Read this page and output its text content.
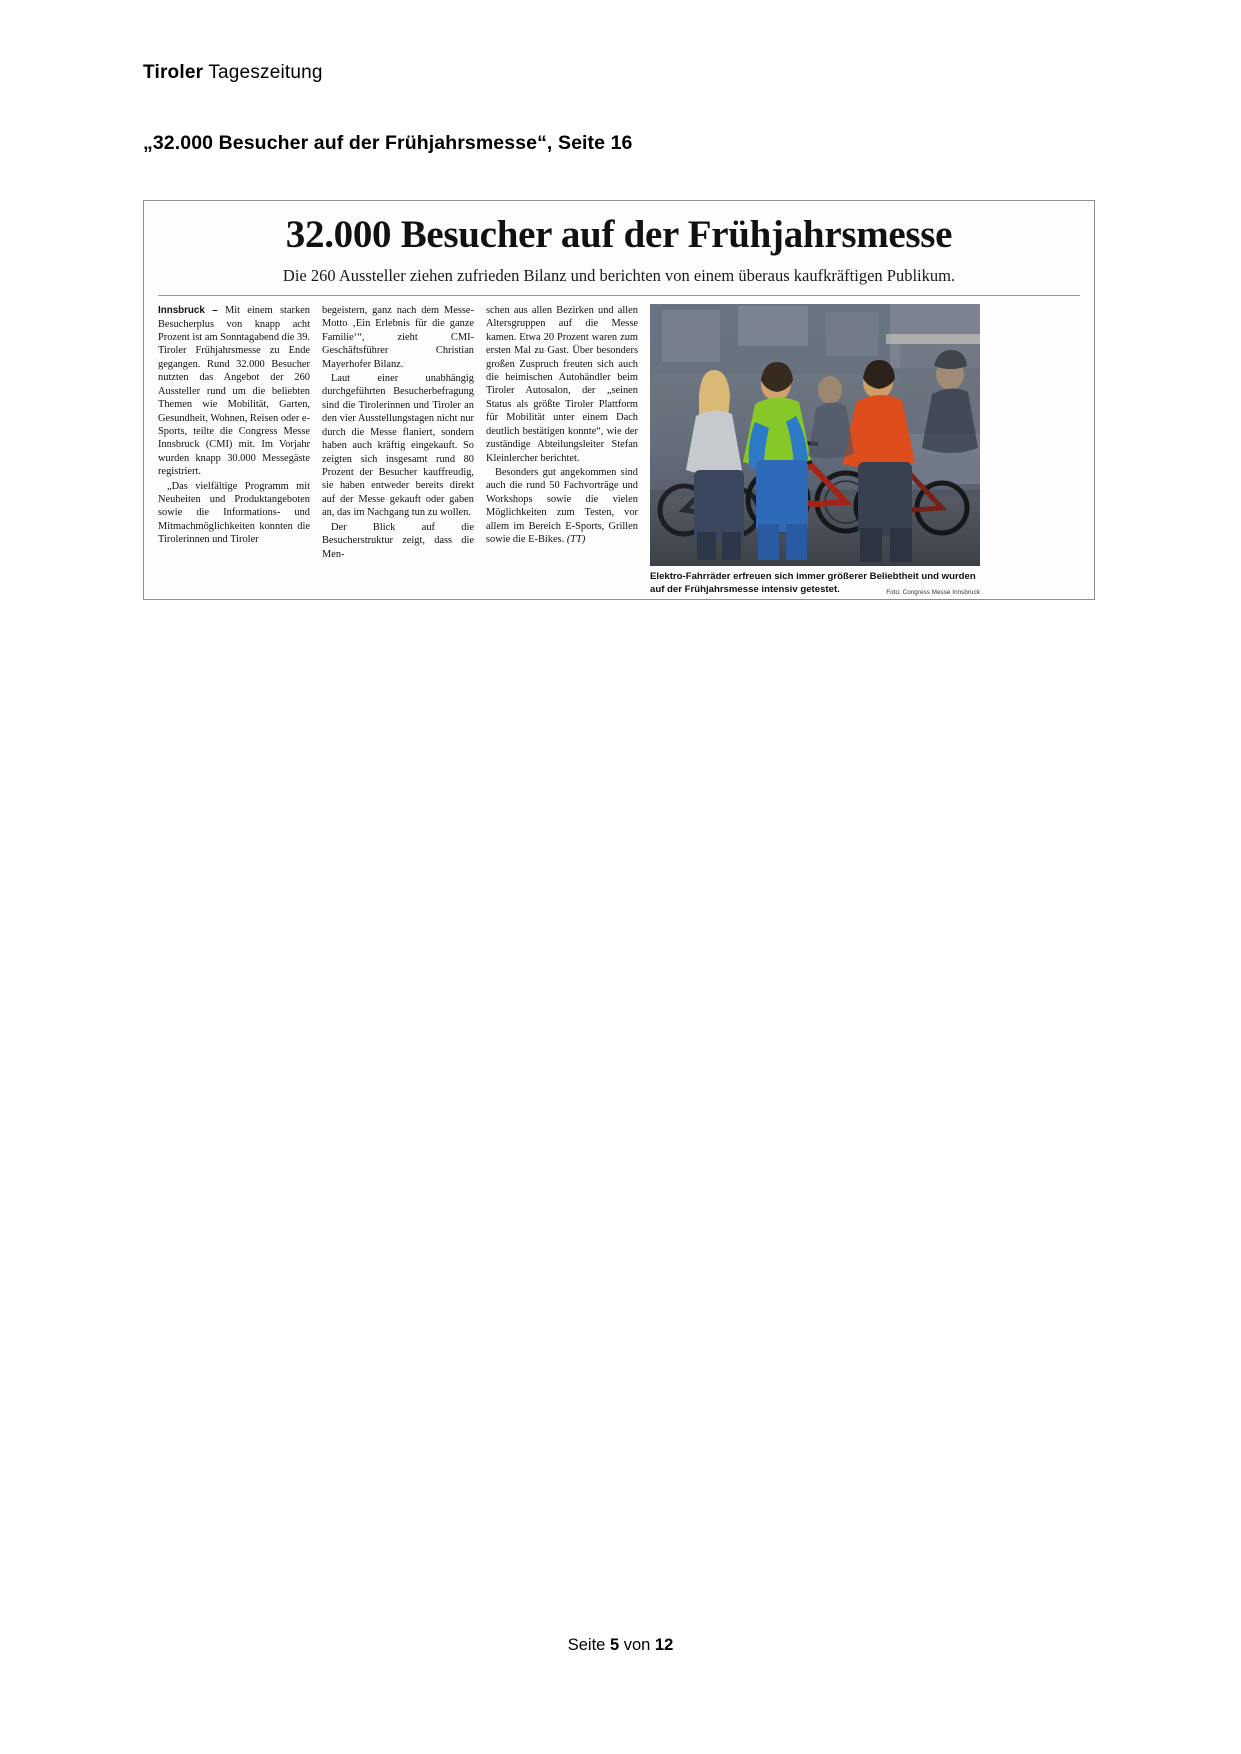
Tiroler Tageszeitung
„32.000 Besucher auf der Frühjahrsmesse“, Seite 16
32.000 Besucher auf der Frühjahrsmesse
Die 260 Aussteller ziehen zufrieden Bilanz und berichten von einem überaus kaufkräftigen Publikum.

Innsbruck – Mit einem starken Besucherplus von knapp acht Prozent ist am Sonntagabend die 39. Tiroler Frühjahrsmesse zu Ende gegangen. Rund 32.000 Besucher nutzten das Angebot der 260 Aussteller rund um die beliebten Themen wie Mobilität, Garten, Gesundheit, Wohnen, Reisen oder e-Sports, teilte die Congress Messe Innsbruck (CMI) mit. Im Vorjahr wurden knapp 30.000 Messegäste registriert.

„Das vielfältige Programm mit Neuheiten und Produktangeboten sowie die Informations- und Mitmachmöglichkeiten konnten die Tirolerinnen und Tiroler

begeistern, ganz nach dem Messe-Motto ‚Ein Erlebnis für die ganze Familie‘“, zieht CMI-Geschäftsführer Christian Mayerhofer Bilanz.

Laut einer unabhängig durchgeführten Besucherbefragung sind die Tirolerinnen und Tiroler an den vier Ausstellungstagen nicht nur durch die Messe flaniert, sondern haben auch kräftig eingekauft. So zeigten sich insgesamt rund 80 Prozent der Besucher kauffreudig, sie haben entweder bereits direkt auf der Messe gekauft oder gaben an, das im Nachgang tun zu wollen.

Der Blick auf die Besucherstruktur zeigt, dass die Men-

schen aus allen Bezirken und allen Altersgruppen auf die Messe kamen. Etwa 20 Prozent waren zum ersten Mal zu Gast. Über besonders großen Zuspruch freuten sich auch die heimischen Autohändler beim Tiroler Autosalon, der „seinen Status als größte Tiroler Plattform für Mobilität unter einem Dach deutlich bestätigen konnte“, wie der zuständige Abteilungsleiter Stefan Kleinlercher berichtet.

Besonders gut angekommen sind auch die rund 50 Fachvorträge und Workshops sowie die vielen Möglichkeiten zum Testen, vor allem im Bereich E-Sports, Grillen sowie die E-Bikes. (TT)

Elektro-Fahrräder erfreuen sich immer größerer Beliebtheit und wurden auf der Frühjahrsmesse intensiv getestet.	Foto: Congress Messe Innsbruck
Seite 5 von 12
